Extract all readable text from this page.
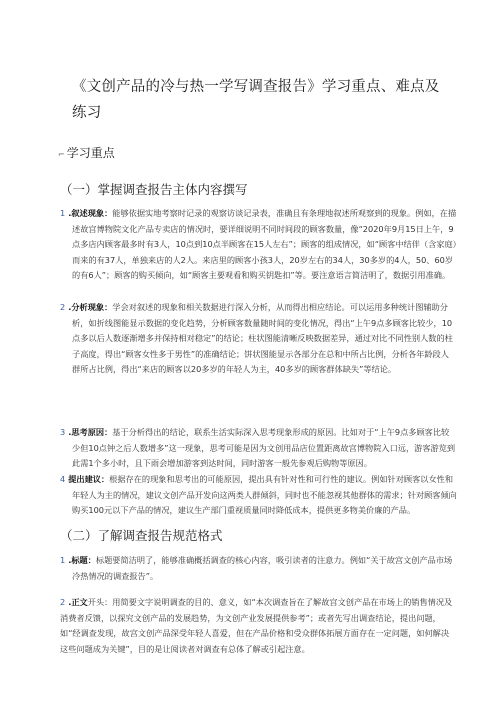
《文创产品的冷与热一学写调查报告》学习重点、难点及练习
⌐ 学习重点
（一）掌握调查报告主体内容撰写
1 .叙述现象：能够依据实地考察时记录的观察访谈记录表，准确且有条理地叙述所观察到的现象。例如，在描述故宫博物院文化产品专卖店的情况时，要详细说明不同时间段的顾客数量，像“2020年9月15日上午，9点多店内顾客最多时有3人，10点到10点半顾客在15人左右”；顾客的组成情况，如“顾客中结伴（含家庭）而来的有37人，单独来店的人2人。来店里的顾客小孩3人，20岁左右的34人，30多岁的4人，50、60岁的有6人”；顾客的购买倾向，如“顾客主要观看和购买钥匙扣”等。要注意语言简洁明了，数据引用准确。
2 .分析现象：学会对叙述的现象和相关数据进行深入分析，从而得出相应结论。可以运用多种统计图辅助分析，如折线图能显示数据的变化趋势，分析顾客数量随时间的变化情况，得出“上午9点多顾客比较少，10点多以后人数逐渐增多并保持相对稳定”的结论；柱状图能清晰反映数据差异，通过对比不同性别人数的柱子高度，得出“顾客女性多于男性”的准确结论；饼状图能显示各部分在总和中所占比例，分析各年龄段人群所占比例，得出“来店的顾客以20多岁的年轻人为主，40多岁的顾客群体缺失”等结论。
3 .思考原因：基于分析得出的结论，联系生活实际深入思考现象形成的原因。比如对于“上午9点多顾客比较少但10点钟之后人数增多”这一现象，思考可能是因为文创用品店位置距离故宫博物院入口远，游客游览到此需1个多小时，且下雨会增加游客到达时间，同时游客一般先参观后购物等原因。
4 提出建议：根据存在的现象和思考出的可能原因，提出具有针对性和可行性的建议。例如针对顾客以女性和年轻人为主的情况，建议文创产品开发向这两类人群倾斜，同时也不能忽视其他群体的需求；针对顾客倾向购买100元以下产品的情况，建议生产部门重视质量同时降低成本，提供更多物美价廉的产品。
（二）了解调查报告规范格式
1 .标题：标题要简洁明了，能够准确概括调查的核心内容，吸引读者的注意力。例如“关于故宫文创产品市场冷热情况的调查报告”。
2 .正文开头：用简要文字说明调查的目的、意义，如“本次调查旨在了解故宫文创产品在市场上的销售情况及消费者反馈，以探究文创产品的发展趋势，为文创产业发展提供参考”；或者先写出调查结论，提出问题，如“经调查发现，故宫文创产品深受年轻人喜爱，但在产品价格和受众群体拓展方面存在一定问题，如何解决这些问题成为关键”，目的是让阅读者对调查有总体了解或引起注意。
